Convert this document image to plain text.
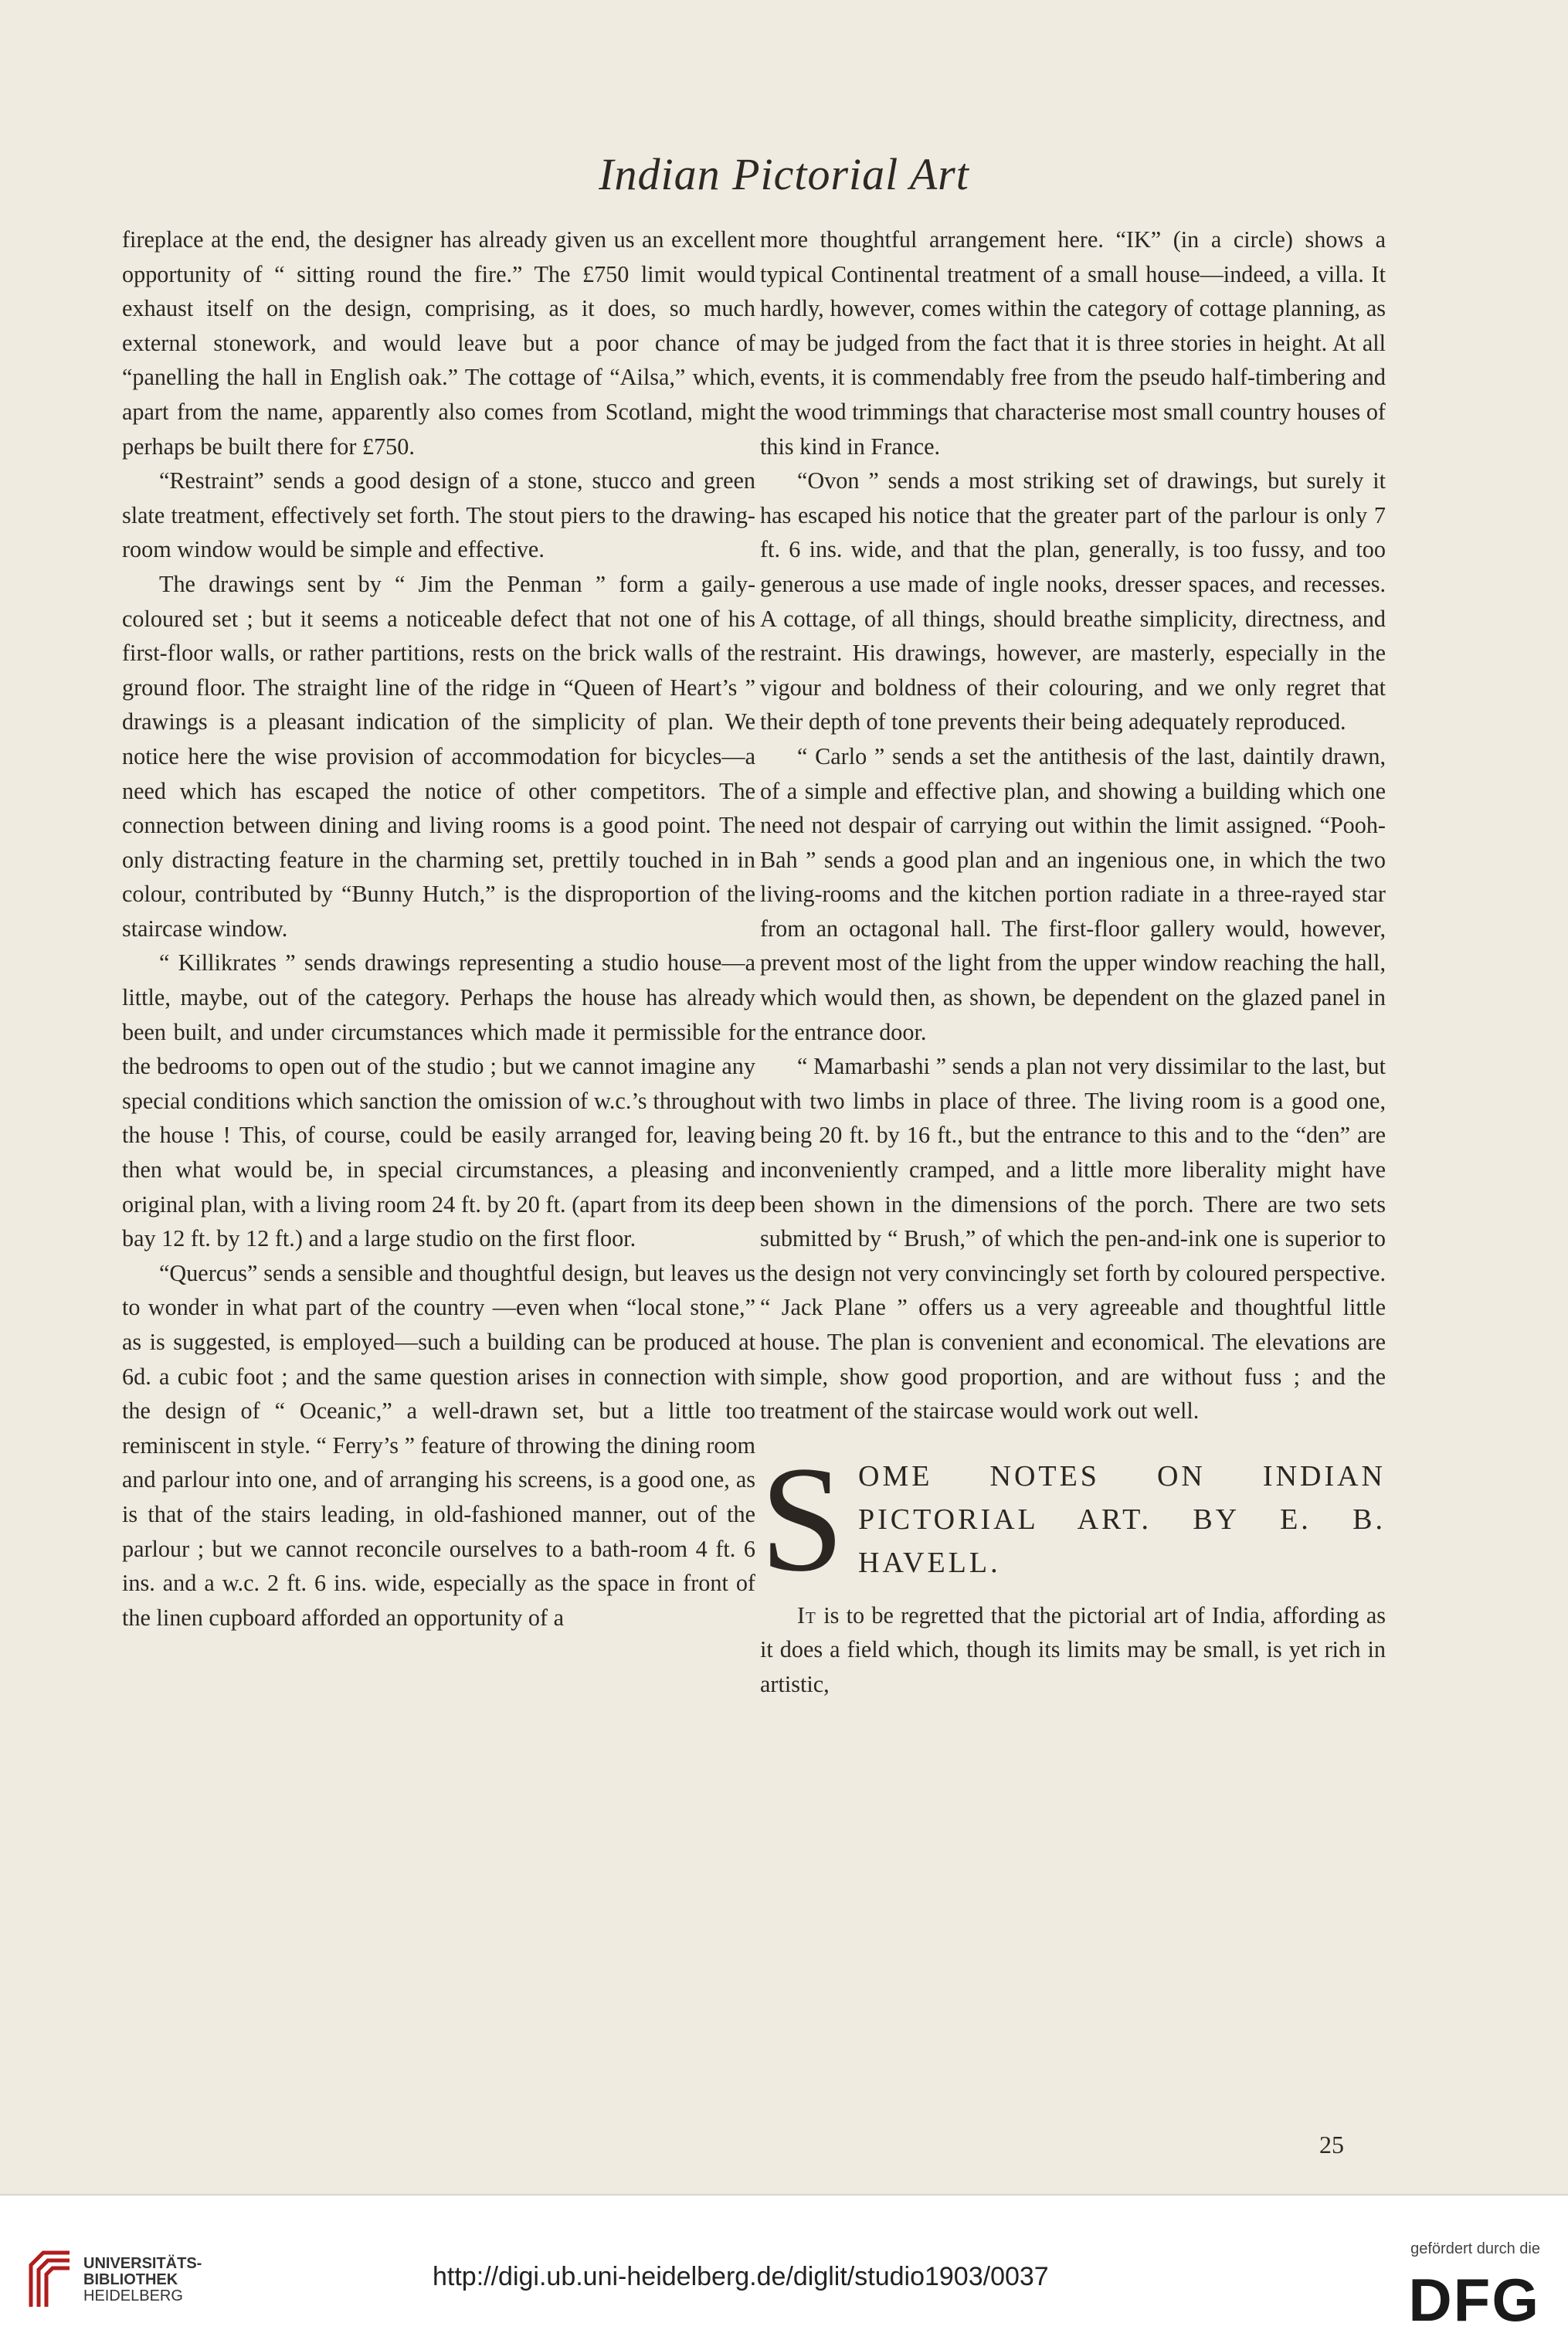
Indian Pictorial Art

fireplace at the end, the designer has already given us an excellent opportunity of “ sitting round the fire.” The £750 limit would exhaust itself on the design, comprising, as it does, so much external stonework, and would leave but a poor chance of “panelling the hall in English oak.” The cottage of “Ailsa,” which, apart from the name, apparently also comes from Scotland, might perhaps be built there for £750.

“Restraint” sends a good design of a stone, stucco and green slate treatment, effectively set forth. The stout piers to the drawing-room window would be simple and effective.

The drawings sent by “ Jim the Penman ” form a gaily-coloured set ; but it seems a noticeable defect that not one of his first-floor walls, or rather partitions, rests on the brick walls of the ground floor. The straight line of the ridge in “Queen of Heart’s ” drawings is a pleasant indication of the simplicity of plan. We notice here the wise provision of accommodation for bicycles—a need which has escaped the notice of other competitors. The connection between dining and living rooms is a good point. The only distracting feature in the charming set, prettily touched in in colour, contributed by “Bunny Hutch,” is the disproportion of the staircase window.

“ Killikrates ” sends drawings representing a studio house—a little, maybe, out of the category. Perhaps the house has already been built, and under circumstances which made it permissible for the bedrooms to open out of the studio ; but we cannot imagine any special conditions which sanction the omission of w.c.’s throughout the house ! This, of course, could be easily arranged for, leaving then what would be, in special circumstances, a pleasing and original plan, with a living room 24 ft. by 20 ft. (apart from its deep bay 12 ft. by 12 ft.) and a large studio on the first floor.

“Quercus” sends a sensible and thoughtful design, but leaves us to wonder in what part of the country —even when “local stone,” as is suggested, is employed—such a building can be produced at 6d. a cubic foot ; and the same question arises in connection with the design of “ Oceanic,” a well-drawn set, but a little too reminiscent in style. “ Ferry’s ” feature of throwing the dining room and parlour into one, and of arranging his screens, is a good one, as is that of the stairs leading, in old-fashioned manner, out of the parlour ; but we cannot reconcile ourselves to a bath-room 4 ft. 6 ins. and a w.c. 2 ft. 6 ins. wide, especially as the space in front of the linen cupboard afforded an opportunity of a

more thoughtful arrangement here. “IK” (in a circle) shows a typical Continental treatment of a small house—indeed, a villa. It hardly, however, comes within the category of cottage planning, as may be judged from the fact that it is three stories in height. At all events, it is commendably free from the pseudo half-timbering and the wood trimmings that characterise most small country houses of this kind in France.

“Ovon ” sends a most striking set of drawings, but surely it has escaped his notice that the greater part of the parlour is only 7 ft. 6 ins. wide, and that the plan, generally, is too fussy, and too generous a use made of ingle nooks, dresser spaces, and recesses. A cottage, of all things, should breathe simplicity, directness, and restraint. His drawings, however, are masterly, especially in the vigour and boldness of their colouring, and we only regret that their depth of tone prevents their being adequately reproduced.

“ Carlo ” sends a set the antithesis of the last, daintily drawn, of a simple and effective plan, and showing a building which one need not despair of carrying out within the limit assigned. “Pooh-Bah ” sends a good plan and an ingenious one, in which the two living-rooms and the kitchen portion radiate in a three-rayed star from an octagonal hall. The first-floor gallery would, however, prevent most of the light from the upper window reaching the hall, which would then, as shown, be dependent on the glazed panel in the entrance door.

“ Mamarbashi ” sends a plan not very dissimilar to the last, but with two limbs in place of three. The living room is a good one, being 20 ft. by 16 ft., but the entrance to this and to the “den” are inconveniently cramped, and a little more liberality might have been shown in the dimensions of the porch. There are two sets submitted by “ Brush,” of which the pen-and-ink one is superior to the design not very convincingly set forth by coloured perspective. “ Jack Plane ” offers us a very agreeable and thoughtful little house. The plan is convenient and economical. The elevations are simple, show good proportion, and are without fuss ; and the treatment of the staircase would work out well.

SOME NOTES ON INDIAN PICTORIAL ART. BY E. B. HAVELL.

It is to be regretted that the pictorial art of India, affording as it does a field which, though its limits may be small, is yet rich in artistic,

25
UNIVERSITÄTS-
BIBLIOTHEK
HEIDELBERG
http://digi.ub.uni-heidelberg.de/diglit/studio1903/0037
gefördert durch die
DFG
